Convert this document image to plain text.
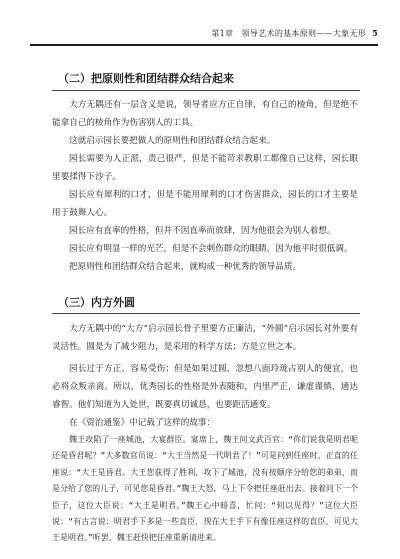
第1章　领导艺术的基本原则——大象无形 5
（二）把原则性和团结群众结合起来

大方无隅还有一层含义是说，领导者应方正自律，有自己的棱角，但是绝不能拿自己的棱角作为伤害别人的工具。

这就启示园长要把做人的原则性和团结群众结合起来。

园长需要为人正派，责己很严，但是不能苛求教职工都像自己这样，园长眼里要揉得下沙子。

园长应有犀利的口才，但是不能用犀利的口才伤害群众，园长的口才主要是用于鼓舞人心。

园长应有直率的性格，但并不因直率而放肆，因为他很会为别人着想。

园长应有明显一样的光芒，但是不会刺伤群众的眼睛，因为他平时很低调。

把原则性和团结群众结合起来，就构成一种优秀的领导品质。

（三）内方外圆

大方无隅中的“大方”启示园长骨子里要方正廉洁，“外圆”启示园长对外要有灵活性。圆是为了减少阻力，是采用的科学方法；方是立世之本。

园长过于方正，容易受伤；但是如果过圆，忽想八面玲珑占别人的便宜，也必将众叛亲离。所以，优秀园长的性格是外表随和，内里严正，谦虚谨慎，通达睿智。他们知道为人处世，既要真切诚恳，也要距活通变。

在《资治通鉴》中记载了这样的故事：

魏王攻陷了一座城池，大宴群臣。宴席上，魏王问文武百官：“你们说我是明君呢还是昏君呢？”大多数官员说：“大王当然是一代明君了！”可是问到任座时，正直的任座说：“大王是昏君。大王您获得了胜利，攻下了城池，没有按顺序分给您的弟弟，而是分给了您的儿子，可见您是昏君。”魏王大怒，马上下令把任座赶出去。接着问下一个臣子，这位大臣说：“大王是明君。”魏王心中暗喜，忙问：“何以见得？”这位大臣说：“有古言说：明君手下多是一些直臣，现在大王手下有像任座这样的直臣，可见大王是明君。”听罢，魏王赶快把任座重新请进来。
